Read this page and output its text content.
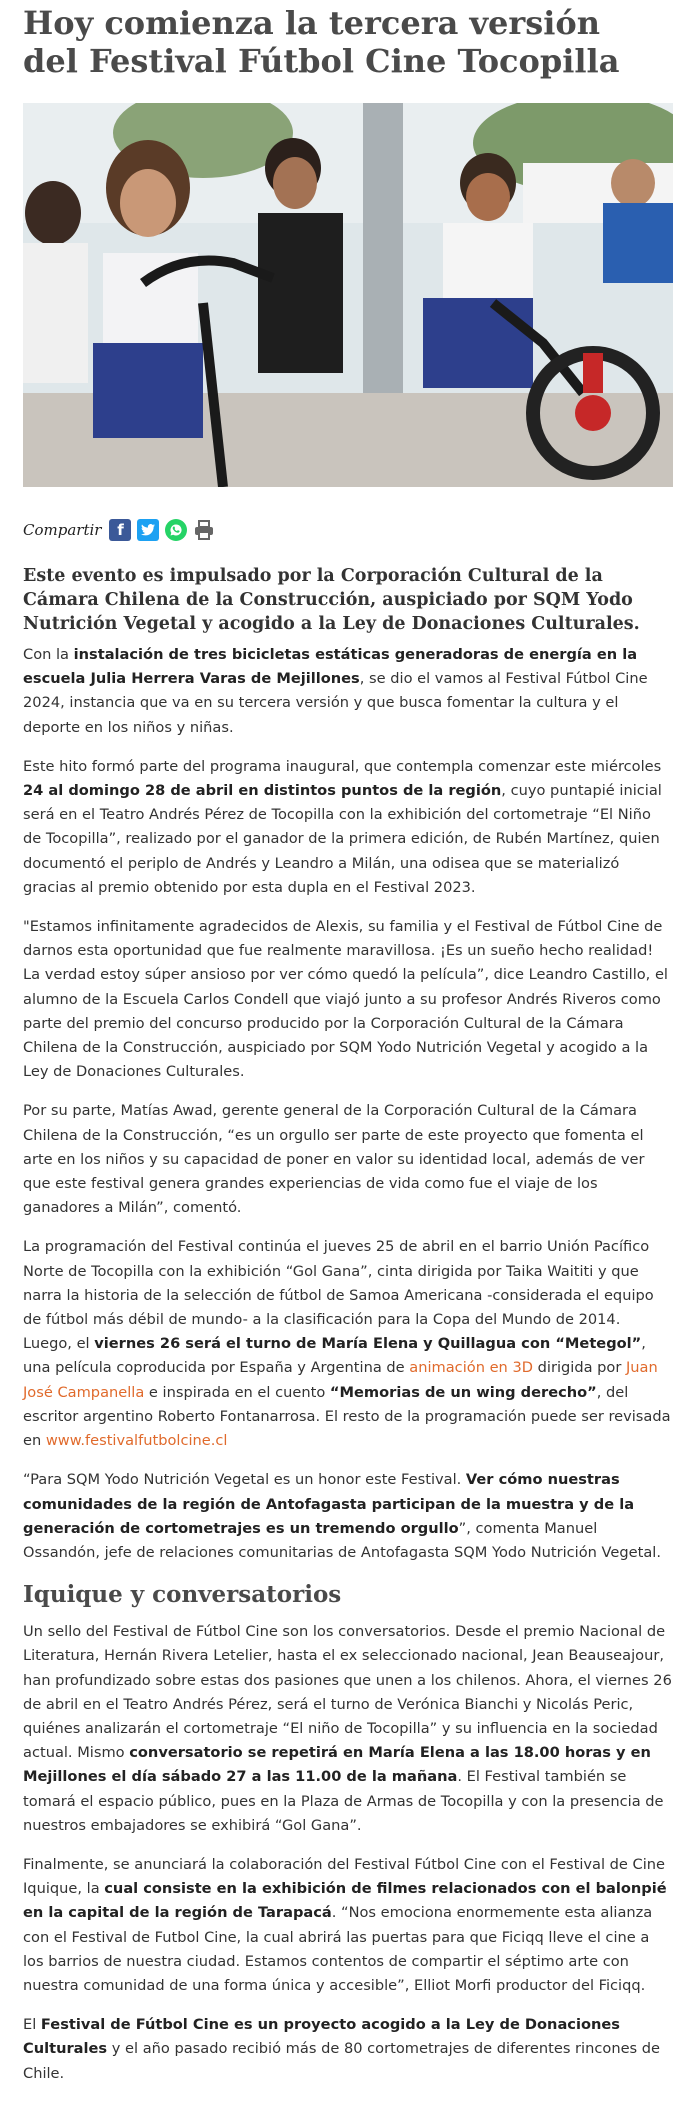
Hoy comienza la tercera versión del Festival Fútbol Cine Tocopilla
Compartir	f

Este evento es impulsado por la Corporación Cultural de la Cámara Chilena de la Construcción, auspiciado por SQM Yodo Nutrición Vegetal y acogido a la Ley de Donaciones Culturales.

Con la instalación de tres bicicletas estáticas generadoras de energía en la escuela Julia Herrera Varas de Mejillones, se dio el vamos al Festival Fútbol Cine 2024, instancia que va en su tercera versión y que busca fomentar la cultura y el deporte en los niños y niñas.

Este hito formó parte del programa inaugural, que contempla comenzar este miércoles 24 al domingo 28 de abril en distintos puntos de la región, cuyo puntapié inicial será en el Teatro Andrés Pérez de Tocopilla con la exhibición del cortometraje “El Niño de Tocopilla”, realizado por el ganador de la primera edición, de Rubén Martínez, quien documentó el periplo de Andrés y Leandro a Milán, una odisea que se materializó gracias al premio obtenido por esta dupla en el Festival 2023.

"Estamos infinitamente agradecidos de Alexis, su familia y el Festival de Fútbol Cine de darnos esta oportunidad que fue realmente maravillosa. ¡Es un sueño hecho realidad! La verdad estoy súper ansioso por ver cómo quedó la película”, dice Leandro Castillo, el alumno de la Escuela Carlos Condell que viajó junto a su profesor Andrés Riveros como parte del premio del concurso producido por la Corporación Cultural de la Cámara Chilena de la Construcción, auspiciado por SQM Yodo Nutrición Vegetal y acogido a la Ley de Donaciones Culturales.

Por su parte, Matías Awad, gerente general de la Corporación Cultural de la Cámara Chilena de la Construcción, “es un orgullo ser parte de este proyecto que fomenta el arte en los niños y su capacidad de poner en valor su identidad local, además de ver que este festival genera grandes experiencias de vida como fue el viaje de los ganadores a Milán”, comentó.

La programación del Festival continúa el jueves 25 de abril en el barrio Unión Pacífico Norte de Tocopilla con la exhibición “Gol Gana”, cinta dirigida por Taika Waititi y que narra la historia de la selección de fútbol de Samoa Americana -considerada el equipo de fútbol más débil de mundo- a la clasificación para la Copa del Mundo de 2014. Luego, el viernes 26 será el turno de María Elena y Quillagua con “Metegol”, una película coproducida por España y Argentina de animación en 3D dirigida por Juan José Campanella e inspirada en el cuento “Memorias de un wing derecho”, del escritor argentino Roberto Fontanarrosa. El resto de la programación puede ser revisada en www.festivalfutbolcine.cl

“Para SQM Yodo Nutrición Vegetal es un honor este Festival. Ver cómo nuestras comunidades de la región de Antofagasta participan de la muestra y de la generación de cortometrajes es un tremendo orgullo”, comenta Manuel Ossandón, jefe de relaciones comunitarias de Antofagasta SQM Yodo Nutrición Vegetal.

Iquique y conversatorios

Un sello del Festival de Fútbol Cine son los conversatorios. Desde el premio Nacional de Literatura, Hernán Rivera Letelier, hasta el ex seleccionado nacional, Jean Beauseajour, han profundizado sobre estas dos pasiones que unen a los chilenos. Ahora, el viernes 26 de abril en el Teatro Andrés Pérez, será el turno de Verónica Bianchi y Nicolás Peric, quiénes analizarán el cortometraje “El niño de Tocopilla” y su influencia en la sociedad actual. Mismo conversatorio se repetirá en María Elena a las 18.00 horas y en Mejillones el día sábado 27 a las 11.00 de la mañana. El Festival también se tomará el espacio público, pues en la Plaza de Armas de Tocopilla y con la presencia de nuestros embajadores se exhibirá “Gol Gana”.

Finalmente, se anunciará la colaboración del Festival Fútbol Cine con el Festival de Cine Iquique, la cual consiste en la exhibición de filmes relacionados con el balonpié en la capital de la región de Tarapacá. “Nos emociona enormemente esta alianza con el Festival de Futbol Cine, la cual abrirá las puertas para que Ficiqq lleve el cine a los barrios de nuestra ciudad. Estamos contentos de compartir el séptimo arte con nuestra comunidad de una forma única y accesible”, Elliot Morfi productor del Ficiqq.

El Festival de Fútbol Cine es un proyecto acogido a la Ley de Donaciones Culturales y el año pasado recibió más de 80 cortometrajes de diferentes rincones de Chile.
